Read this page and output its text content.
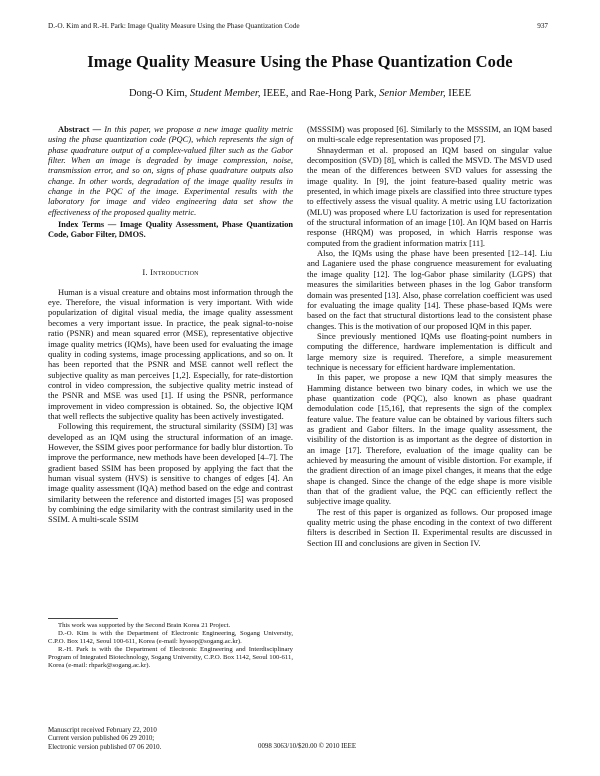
D.-O. Kim and R.-H. Park: Image Quality Measure Using the Phase Quantization Code	937
Image Quality Measure Using the Phase Quantization Code
Dong-O Kim, Student Member, IEEE, and Rae-Hong Park, Senior Member, IEEE

Abstract — In this paper, we propose a new image quality metric using the phase quantization code (PQC), which represents the sign of phase quadrature output of a complex-valued filter such as the Gabor filter. When an image is degraded by image compression, noise, transmission error, and so on, signs of phase quadrature outputs also change. In other words, degradation of the image quality results in change in the PQC of the image. Experimental results with the laboratory for image and video engineering data set show the effectiveness of the proposed quality metric.

Index Terms — Image Quality Assessment, Phase Quantization Code, Gabor Filter, DMOS.

I. Introduction

Human is a visual creature and obtains most information through the eye. Therefore, the visual information is very important. With wide popularization of digital visual media, the image quality assessment becomes a very important issue. In practice, the peak signal-to-noise ratio (PSNR) and mean squared error (MSE), representative objective image quality metrics (IQMs), have been used for evaluating the image quality in coding systems, image processing applications, and so on. It has been reported that the PSNR and MSE cannot well reflect the subjective quality as man perceives [1,2]. Especially, for rate-distortion control in video compression, the subjective quality metric instead of the PSNR and MSE was used [1]. If using the PSNR, performance improvement in video compression is obtained. So, the objective IQM that well reflects the subjective quality has been actively investigated.

Following this requirement, the structural similarity (SSIM) [3] was developed as an IQM using the structural information of an image. However, the SSIM gives poor performance for badly blur distortion. To improve the performance, new methods have been developed [4–7]. The gradient based SSIM has been proposed by applying the fact that the human visual system (HVS) is sensitive to changes of edges [4]. An image quality assessment (IQA) method based on the edge and contrast similarity between the reference and distorted images [5] was proposed by combining the edge similarity with the contrast similarity used in the SSIM. A multi-scale SSIM

This work was supported by the Second Brain Korea 21 Project.

D.-O. Kim is with the Department of Electronic Engineering, Sogang University, C.P.O. Box 1142, Seoul 100-611, Korea (e-mail: hyssop@sogang.ac.kr).

R.-H. Park is with the Department of Electronic Engineering and Interdisciplinary Program of Integrated Biotechnology, Sogang University, C.P.O. Box 1142, Seoul 100-611, Korea (e-mail: rhpark@sogang.ac.kr).

Manuscript received February 22, 2010

Current version published 06 29 2010;

Electronic version published 07 06 2010.	0098 3063/10/$20.00 © 2010 IEEE

(MSSSIM) was proposed [6]. Similarly to the MSSSIM, an IQM based on multi-scale edge representation was proposed [7].

Shnayderman et al. proposed an IQM based on singular value decomposition (SVD) [8], which is called the MSVD. The MSVD used the mean of the differences between SVD values for assessing the image quality. In [9], the joint feature-based quality metric was presented, in which image pixels are classified into three structure types to effectively assess the visual quality. A metric using LU factorization (MLU) was proposed where LU factorization is used for representation of the structural information of an image [10]. An IQM based on Harris response (HRQM) was proposed, in which Harris response was computed from the gradient information matrix [11].

Also, the IQMs using the phase have been presented [12–14]. Liu and Laganiere used the phase congruence measurement for evaluating the image quality [12]. The log-Gabor phase similarity (LGPS) that measures the similarities between phases in the log Gabor transform domain was presented [13]. Also, phase correlation coefficient was used for evaluating the image quality [14]. These phase-based IQMs were based on the fact that structural distortions lead to the consistent phase changes. This is the motivation of our proposed IQM in this paper.

Since previously mentioned IQMs use floating-point numbers in computing the difference, hardware implementation is difficult and large memory size is required. Therefore, a simple measurement technique is necessary for efficient hardware implementation.

In this paper, we propose a new IQM that simply measures the Hamming distance between two binary codes, in which we use the phase quantization code (PQC), also known as phase quadrant demodulation code [15,16], that represents the sign of the complex feature value. The feature value can be obtained by various filters such as gradient and Gabor filters. In the image quality assessment, the visibility of the distortion is as important as the degree of distortion in an image [17]. Therefore, evaluation of the image quality can be achieved by measuring the amount of visible distortion. For example, if the gradient direction of an image pixel changes, it means that the edge shape is changed. Since the change of the edge shape is more visible than that of the gradient value, the PQC can efficiently reflect the subjective image quality.

The rest of this paper is organized as follows. Our proposed image quality metric using the phase encoding in the context of two different filters is described in Section II. Experimental results are discussed in Section III and conclusions are given in Section IV.
